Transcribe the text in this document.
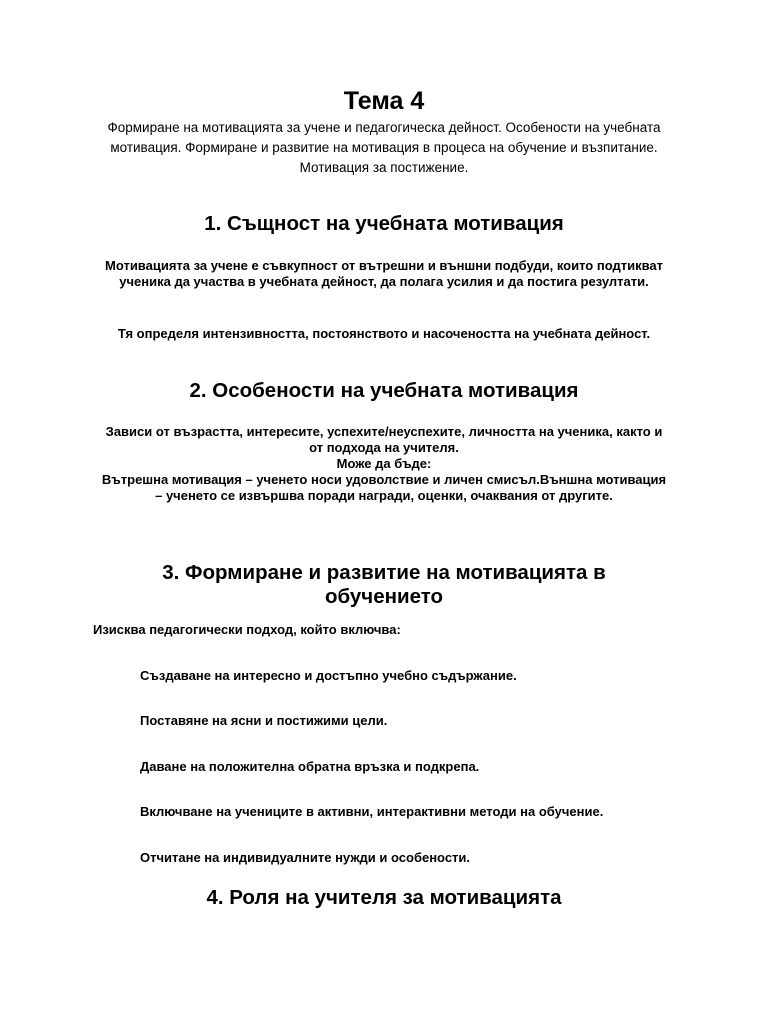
Тема 4
Формиране на мотивацията за учене и педагогическа дейност. Особености на учебната мотивация. Формиране и развитие на мотивация в процеса на обучение и възпитание. Мотивация за постижение.
1. Същност на учебната мотивация
Мотивацията за учене е съвкупност от вътрешни и външни подбуди, които подтикват ученика да участва в учебната дейност, да полага усилия и да постига резултати.
Тя определя интензивността, постоянството и насочеността на учебната дейност.
2. Особености на учебната мотивация
Зависи от възрастта, интересите, успехите/неуспехите, личността на ученика, както и от подхода на учителя.
Може да бъде:
Вътрешна мотивация – ученето носи удоволствие и личен смисъл.Външна мотивация – ученето се извършва поради награди, оценки, очаквания от другите.
3. Формиране и развитие на мотивацията в обучението
Изисква педагогически подход, който включва:
Създаване на интересно и достъпно учебно съдържание.
Поставяне на ясни и постижими цели.
Даване на положителна обратна връзка и подкрепа.
Включване на учениците в активни, интерактивни методи на обучение.
Отчитане на индивидуалните нужди и особености.
4. Роля на учителя за мотивацията
